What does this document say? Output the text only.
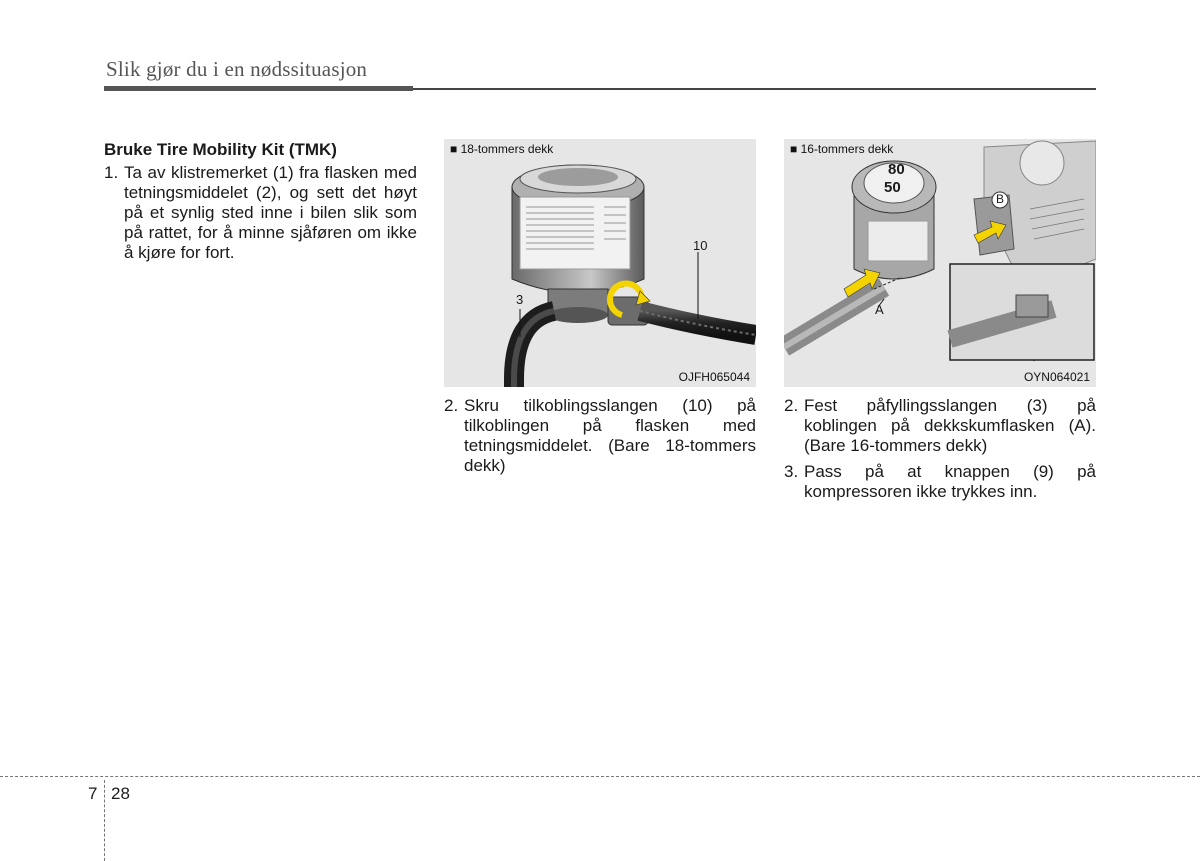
Slik gjør du i en nødssituasjon
Bruke Tire Mobility Kit (TMK)
1. Ta av klistremerket (1) fra flasken med tetningsmiddelet (2), og sett det høyt på et synlig sted inne i bilen slik som på rattet, for å minne sjåføren om ikke å kjøre for fort.
■ 18-tommers dekk
10
3
OJFH065044
■ 16-tommers dekk
B
A
80
50
OYN064021
2. Skru tilkoblingsslangen (10) på tilkoblingen på flasken med tetningsmiddelet. (Bare 18-tommers dekk)
2. Fest påfyllingsslangen (3) på koblingen på dekkskumflasken (A). (Bare 16-tommers dekk)
3. Pass på at knappen (9) på kompressoren ikke trykkes inn.
7 28
